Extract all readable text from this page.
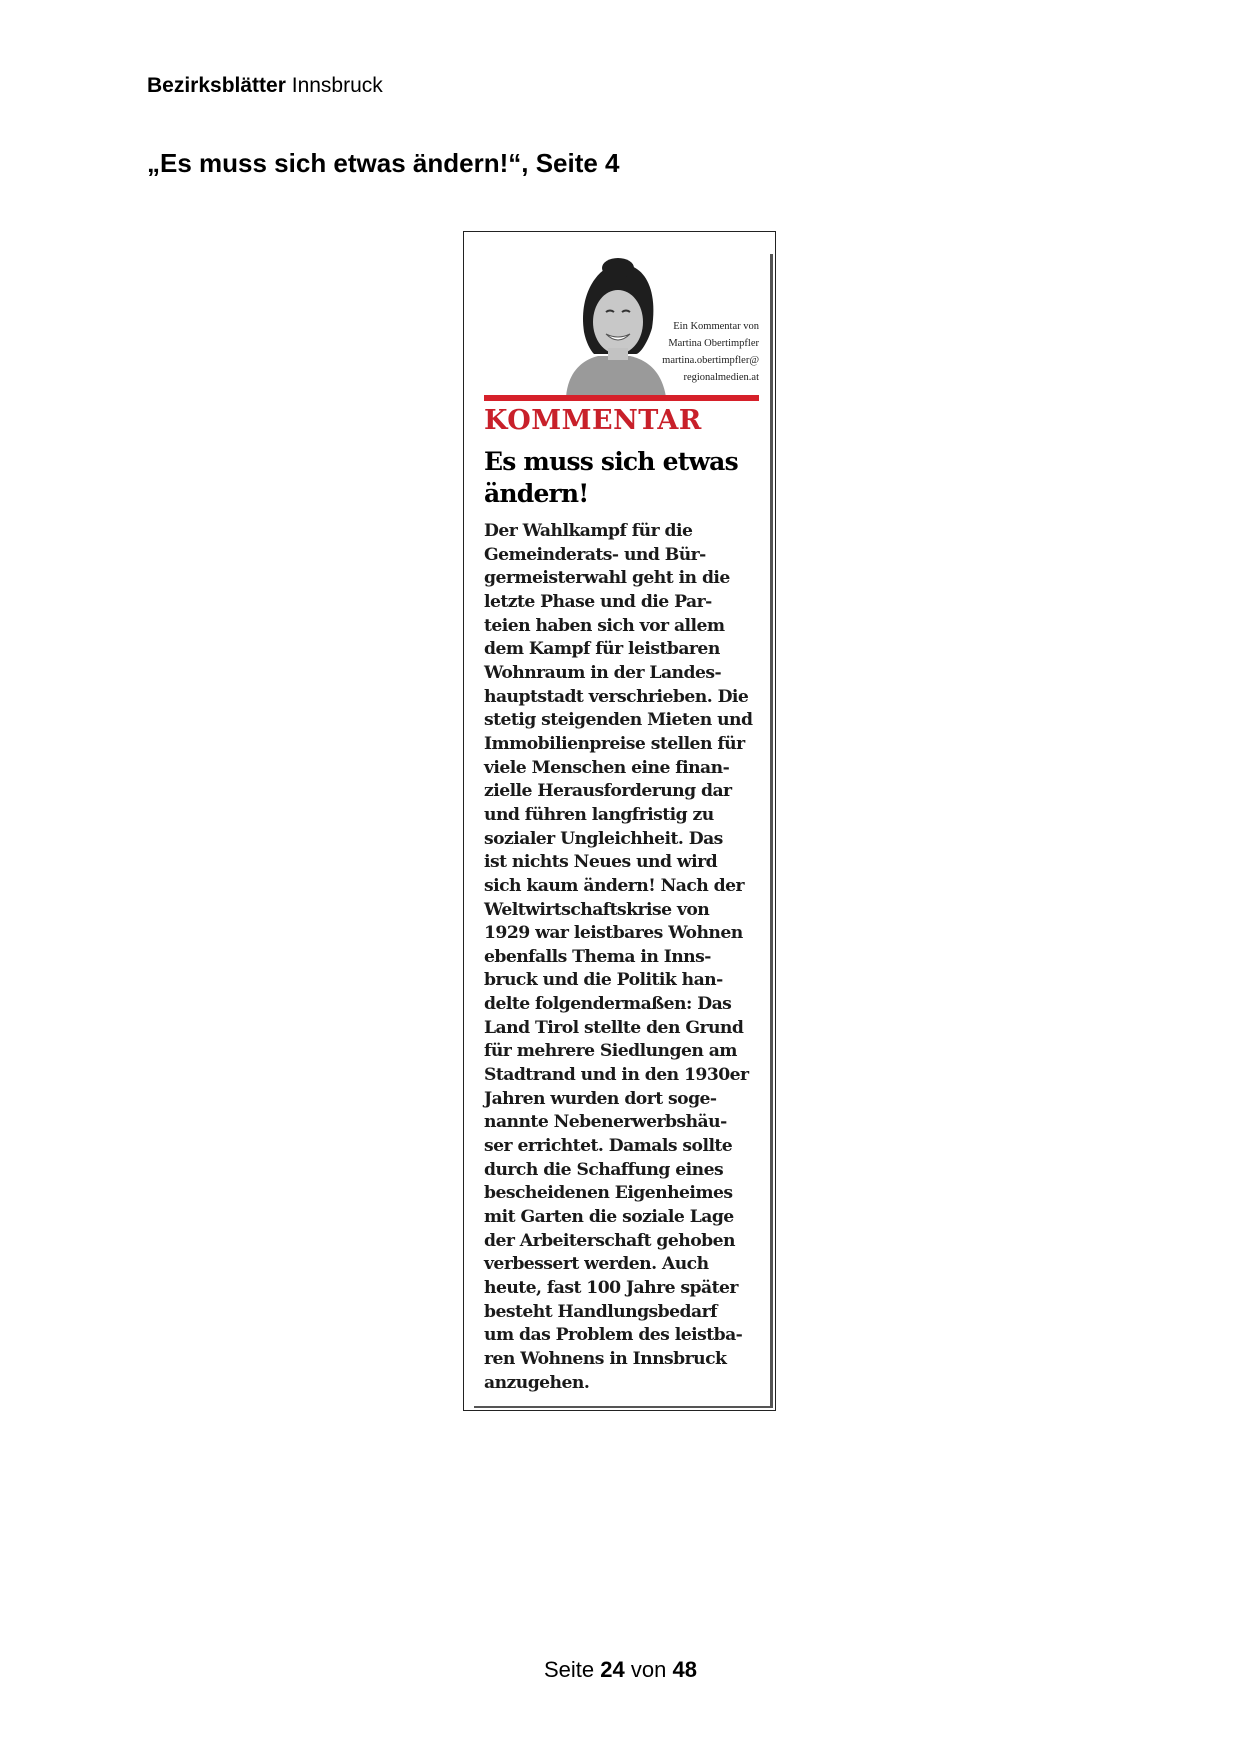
Bezirksblätter Innsbruck
„Es muss sich etwas ändern!“, Seite 4
Ein Kommentar von
Martina Obertimpfler
martina.obertimpfler@
regionalmedien.at
KOMMENTAR
Es muss sich etwas
ändern!
Der Wahlkampf für die
Gemeinderats- und Bür-
germeisterwahl geht in die
letzte Phase und die Par-
teien haben sich vor allem
dem Kampf für leistbaren
Wohnraum in der Landes-
hauptstadt verschrieben. Die
stetig steigenden Mieten und
Immobilienpreise stellen für
viele Menschen eine finan-
zielle Herausforderung dar
und führen langfristig zu
sozialer Ungleichheit. Das
ist nichts Neues und wird
sich kaum ändern! Nach der
Weltwirtschaftskrise von
1929 war leistbares Wohnen
ebenfalls Thema in Inns-
bruck und die Politik han-
delte folgendermaßen: Das
Land Tirol stellte den Grund
für mehrere Siedlungen am
Stadtrand und in den 1930er
Jahren wurden dort soge-
nannte Nebenerwerbshäu-
ser errichtet. Damals sollte
durch die Schaffung eines
bescheidenen Eigenheimes
mit Garten die soziale Lage
der Arbeiterschaft gehoben
verbessert werden. Auch
heute, fast 100 Jahre später
besteht Handlungsbedarf
um das Problem des leistba-
ren Wohnens in Innsbruck
anzugehen.
Seite 24 von 48
